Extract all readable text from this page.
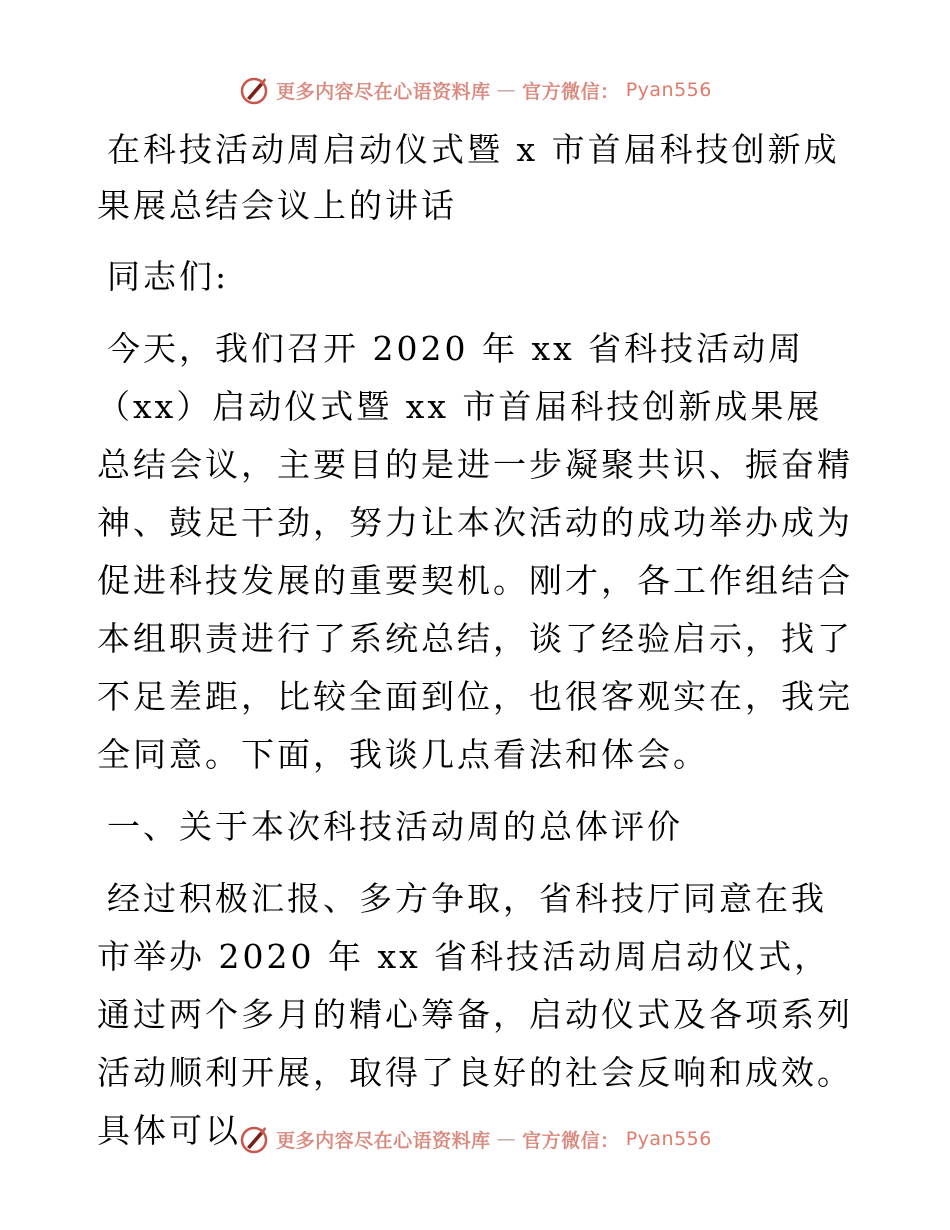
更多内容尽在心语资料库 — 官方微信： Pyan556
在科技活动周启动仪式暨 x 市首届科技创新成果展总结会议上的讲话

同志们:

今天，我们召开 2020 年 xx 省科技活动周（xx）启动仪式暨 xx 市首届科技创新成果展总结会议，主要目的是进一步凝聚共识、振奋精神、鼓足干劲，努力让本次活动的成功举办成为促进科技发展的重要契机。刚才，各工作组结合本组职责进行了系统总结，谈了经验启示，找了不足差距，比较全面到位，也很客观实在，我完全同意。下面，我谈几点看法和体会。

一、关于本次科技活动周的总体评价

经过积极汇报、多方争取，省科技厅同意在我市举办 2020 年 xx 省科技活动周启动仪式，通过两个多月的精心筹备，启动仪式及各项系列活动顺利开展，取得了良好的社会反响和成效。具体可以	更多内容尽在心语资料库 — 官方微信： Pyan556
